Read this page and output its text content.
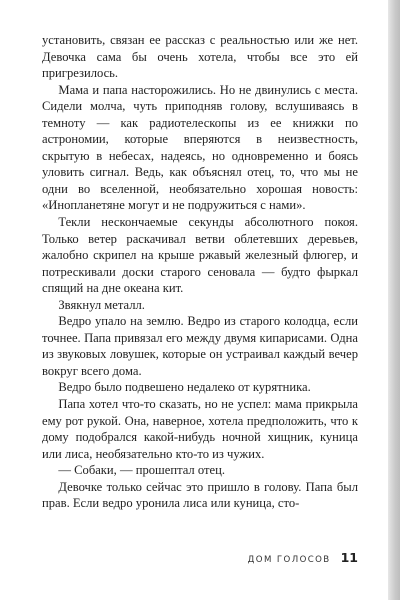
установить, связан ее рассказ с реальностью или же нет. Девочка сама бы очень хотела, чтобы все это ей пригрезилось.

Мама и папа насторожились. Но не двинулись с места. Сидели молча, чуть приподняв голову, вслушиваясь в темноту — как радиотелескопы из ее книжки по астрономии, которые вперяются в неизвестность, скрытую в небесах, надеясь, но одновременно и боясь уловить сигнал. Ведь, как объяснял отец, то, что мы не одни во вселенной, необязательно хорошая новость: «Инопланетяне могут и не подружиться с нами».

Текли нескончаемые секунды абсолютного покоя. Только ветер раскачивал ветви облетевших деревьев, жалобно скрипел на крыше ржавый железный флюгер, и потрескивали доски старого сеновала — будто фыркал спящий на дне океана кит.

Звякнул металл.

Ведро упало на землю. Ведро из старого колодца, если точнее. Папа привязал его между двумя кипарисами. Одна из звуковых ловушек, которые он устраивал каждый вечер вокруг всего дома.

Ведро было подвешено недалеко от курятника.

Папа хотел что-то сказать, но не успел: мама прикрыла ему рот рукой. Она, наверное, хотела предположить, что к дому подобрался какой-нибудь ночной хищник, куница или лиса, необязательно кто-то из чужих.

— Собаки, — прошептал отец.

Девочке только сейчас это пришло в голову. Папа был прав. Если ведро уронила лиса или куница, сто-

ДОМ ГОЛОСОВ 11
